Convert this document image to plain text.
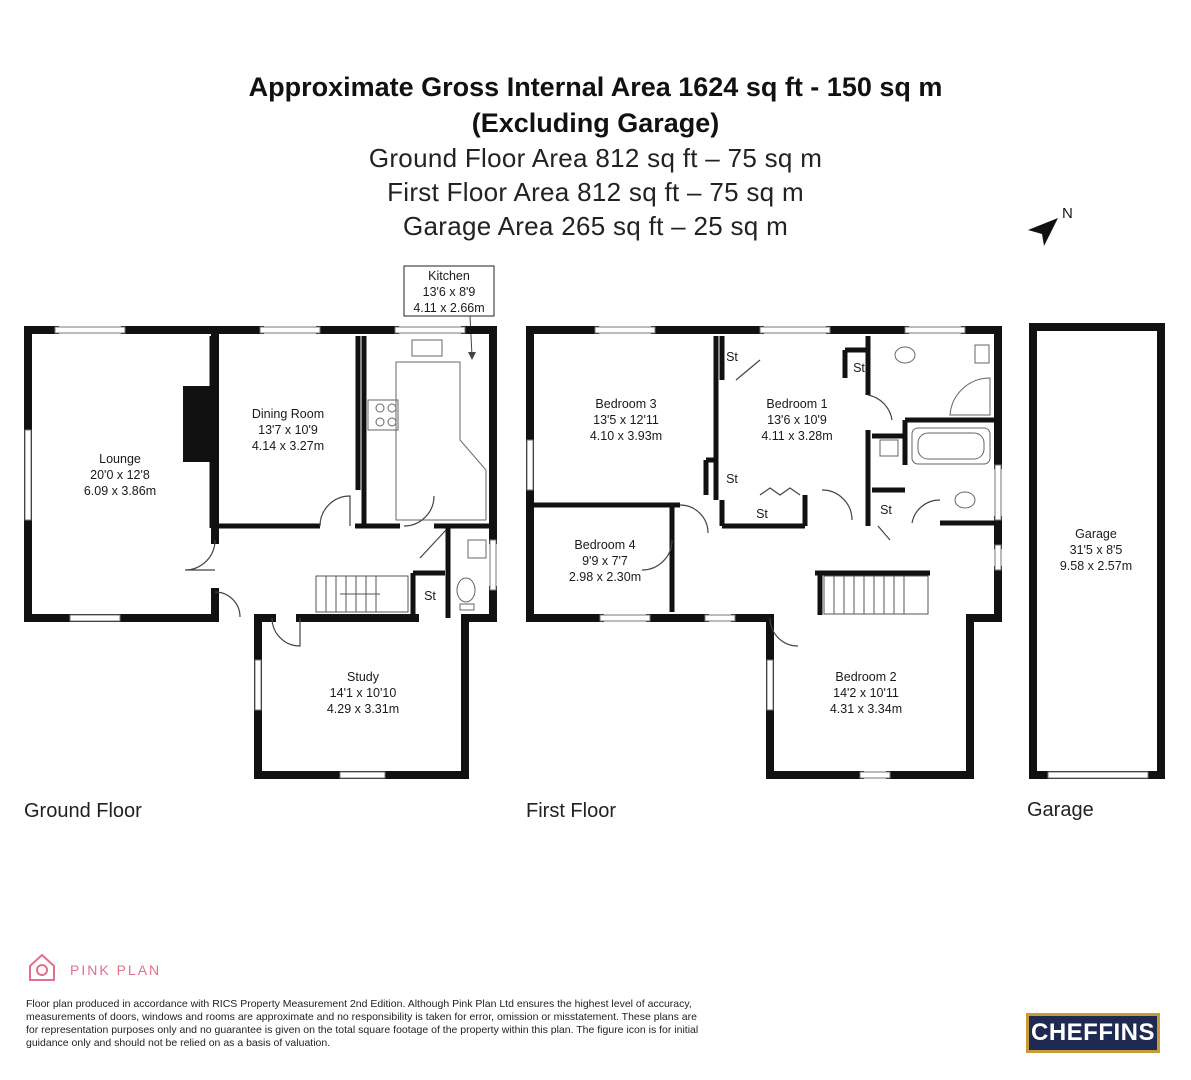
Approximate Gross Internal Area 1624 sq ft - 150 sq m
(Excluding Garage)
Ground Floor Area 812 sq ft – 75 sq m
First Floor Area 812 sq ft – 75 sq m
Garage Area 265 sq ft – 25 sq m	N
Lounge
20'0 x 12'8
6.09 x 3.86m
Dining Room
13'7 x 10'9
4.14 x 3.27m
Kitchen
13'6 x 8'9
4.11 x 2.66m
Study
14'1 x 10'10
4.29 x 3.31m
St
Bedroom 3
13'5 x 12'11
4.10 x 3.93m
Bedroom 1
13'6 x 10'9
4.11 x 3.28m
Bedroom 4
9'9 x 7'7
2.98 x 2.30m
Bedroom 2
14'2 x 10'11
4.31 x 3.34m
St
St
St
St	St
Garage
31'5 x 8'5
9.58 x 2.57m
Ground Floor	First Floor	Garage
PINK PLAN
Floor plan produced in accordance with RICS Property Measurement 2nd Edition. Although Pink Plan Ltd ensures the highest level of accuracy, measurements of doors, windows and rooms are approximate and no responsibility is taken for error, omission or misstatement. These plans are for representation purposes only and no guarantee is given on the total square footage of the property within this plan. The figure icon is for initial guidance only and should not be relied on as a basis of valuation.	CHEFFINS
